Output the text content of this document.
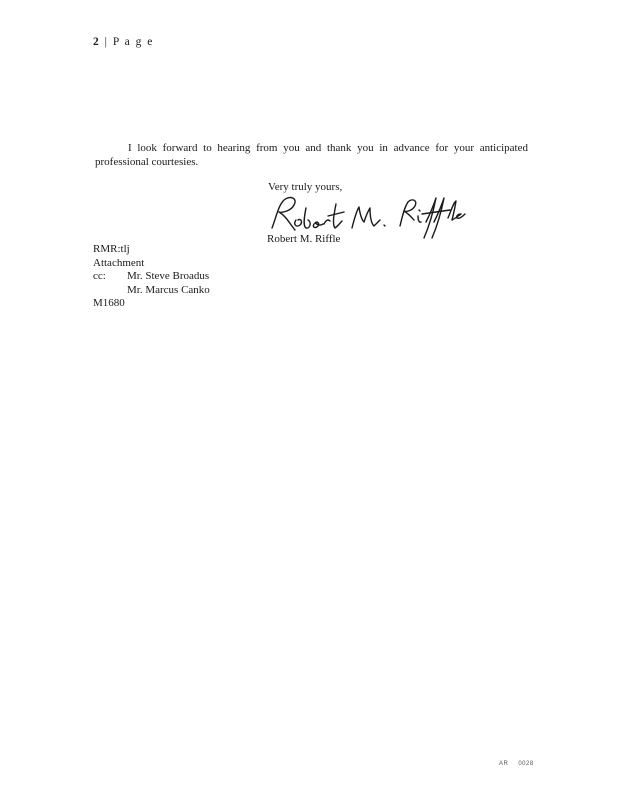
2 | P a g e

I look forward to hearing from you and thank you in advance for your anticipated professional courtesies.

Very truly yours,
Robert M. Riffle
RMR:tlj
Attachment
cc: Mr. Steve Broadus
Mr. Marcus Canko
M1680
AR 0028
